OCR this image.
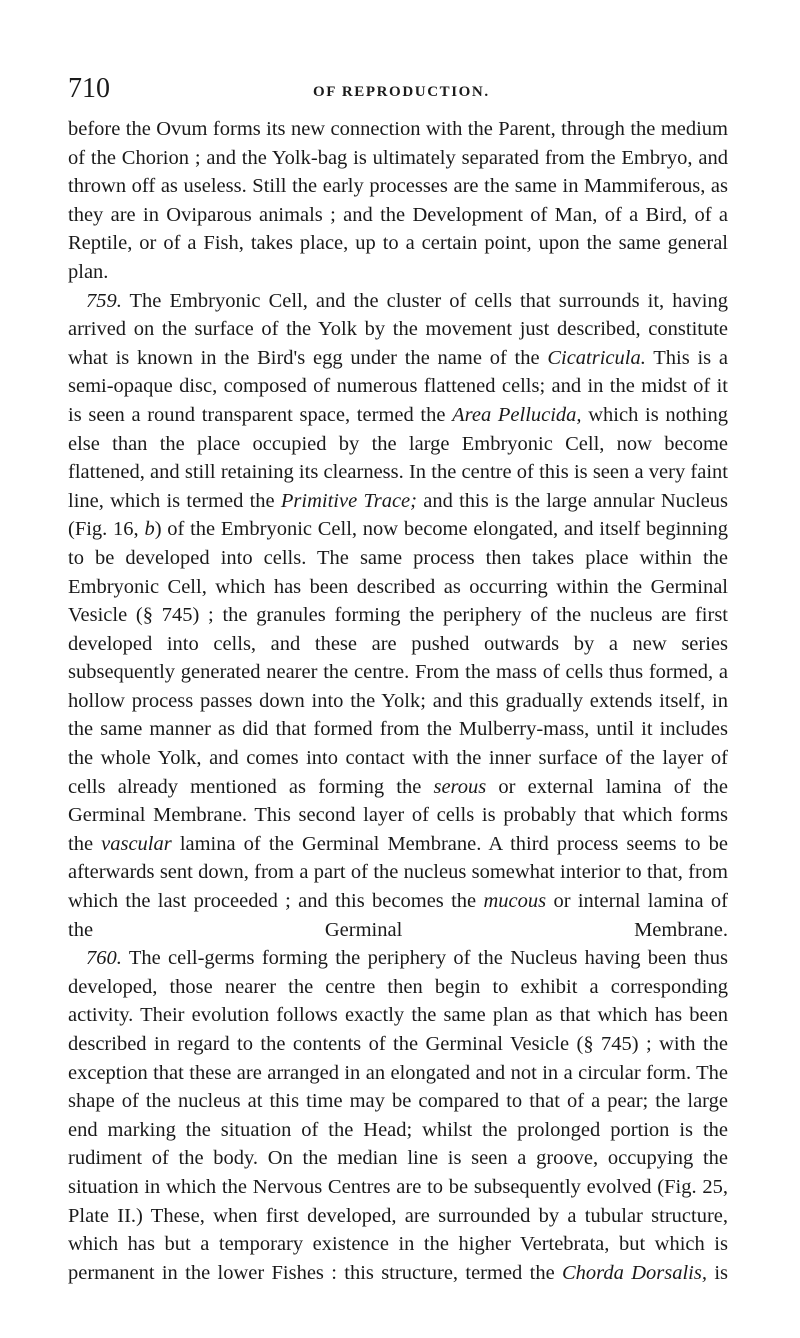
710	OF REPRODUCTION.

before the Ovum forms its new connection with the Parent, through the medium of the Chorion ; and the Yolk-bag is ultimately separated from the Embryo, and thrown off as useless. Still the early processes are the same in Mammiferous, as they are in Oviparous animals ; and the Development of Man, of a Bird, of a Reptile, or of a Fish, takes place, up to a certain point, upon the same general plan.

759. The Embryonic Cell, and the cluster of cells that surrounds it, having arrived on the surface of the Yolk by the movement just described, constitute what is known in the Bird's egg under the name of the Cicatricula. This is a semi-opaque disc, composed of numerous flattened cells; and in the midst of it is seen a round transparent space, termed the Area Pellucida, which is nothing else than the place occupied by the large Embryonic Cell, now become flattened, and still retaining its clearness. In the centre of this is seen a very faint line, which is termed the Primitive Trace; and this is the large annular Nucleus (Fig. 16, b) of the Embryonic Cell, now become elongated, and itself beginning to be developed into cells. The same process then takes place within the Embryonic Cell, which has been described as occurring within the Germinal Vesicle (§ 745) ; the granules forming the periphery of the nucleus are first developed into cells, and these are pushed outwards by a new series subsequently generated nearer the centre. From the mass of cells thus formed, a hollow process passes down into the Yolk; and this gradually extends itself, in the same manner as did that formed from the Mulberry-mass, until it includes the whole Yolk, and comes into contact with the inner surface of the layer of cells already mentioned as forming the serous or external lamina of the Germinal Membrane. This second layer of cells is probably that which forms the vascular lamina of the Germinal Membrane. A third process seems to be afterwards sent down, from a part of the nucleus somewhat interior to that, from which the last proceeded ; and this becomes the mucous or internal lamina of the Germinal Membrane.

760. The cell-germs forming the periphery of the Nucleus having been thus developed, those nearer the centre then begin to exhibit a corresponding activity. Their evolution follows exactly the same plan as that which has been described in regard to the contents of the Germinal Vesicle (§ 745) ; with the exception that these are arranged in an elongated and not in a circular form. The shape of the nucleus at this time may be compared to that of a pear; the large end marking the situation of the Head; whilst the prolonged portion is the rudiment of the body. On the median line is seen a groove, occupying the situation in which the Nervous Centres are to be subsequently evolved (Fig. 25, Plate II.) These, when first developed, are surrounded by a tubular structure, which has but a temporary existence in the higher Vertebrata, but which is permanent in the lower Fishes : this structure, termed the Chorda Dorsalis, is
